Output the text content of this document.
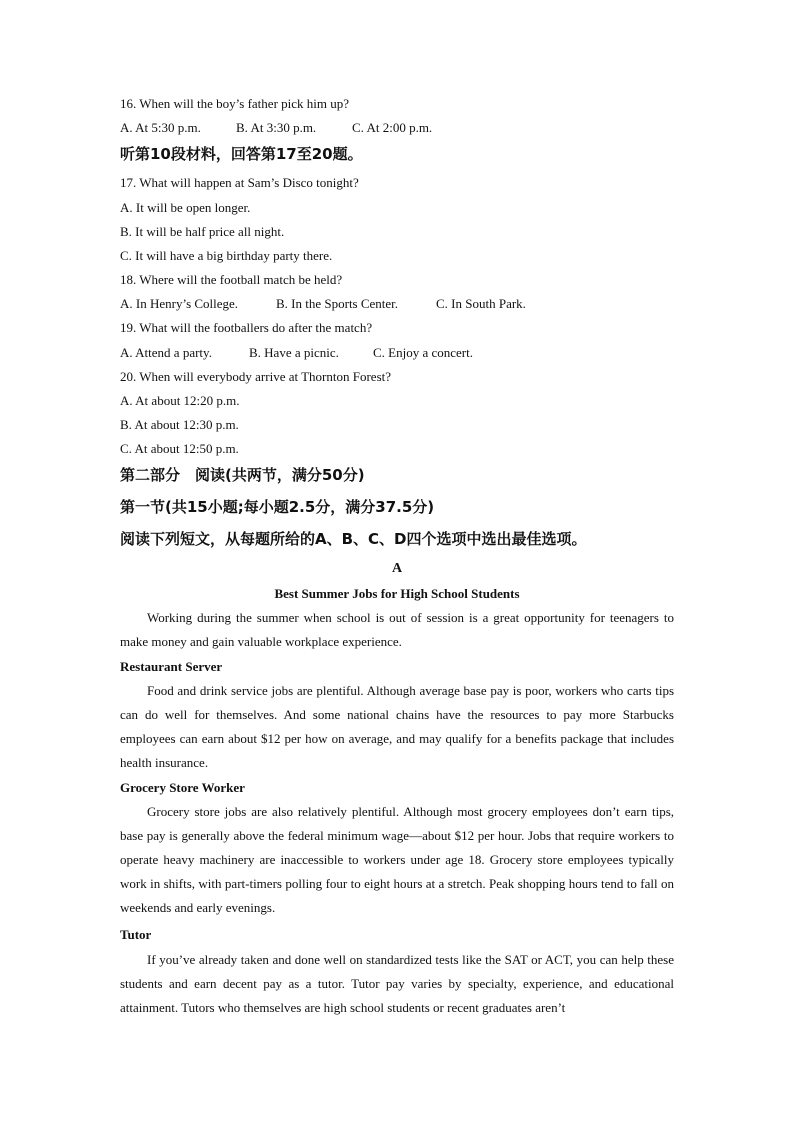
16. When will the boy’s father pick him up?
A. At 5:30 p.m.	B. At 3:30 p.m.	C. At 2:00 p.m.
听第10段材料，回答第17至20题。
17. What will happen at Sam’s Disco tonight?
A. It will be open longer.
B. It will be half price all night.
C. It will have a big birthday party there.
18. Where will the football match be held?
A. In Henry’s College.	B. In the Sports Center.	C. In South Park.
19. What will the footballers do after the match?
A. Attend a party.	B. Have a picnic.	C. Enjoy a concert.
20. When will everybody arrive at Thornton Forest?
A. At about 12:20 p.m.
B. At about 12:30 p.m.
C. At about 12:50 p.m.
第二部分　阅读(共两节，满分50分)
第一节(共15小题;每小题2.5分，满分37.5分)
阅读下列短文，从每题所给的A、B、C、D四个选项中选出最佳选项。
A
Best Summer Jobs for High School Students

Working during the summer when school is out of session is a great opportunity for teenagers to make money and gain valuable workplace experience.

Restaurant Server

Food and drink service jobs are plentiful. Although average base pay is poor, workers who carts tips can do well for themselves. And some national chains have the resources to pay more Starbucks employees can earn about $12 per how on average, and may qualify for a benefits package that includes health insurance.

Grocery Store Worker

Grocery store jobs are also relatively plentiful. Although most grocery employees don’t earn tips, base pay is generally above the federal minimum wage—about $12 per hour. Jobs that require workers to operate heavy machinery are inaccessible to workers under age 18. Grocery store employees typically work in shifts, with part-timers polling four to eight hours at a stretch. Peak shopping hours tend to fall on weekends and early evenings.

Tutor

If you’ve already taken and done well on standardized tests like the SAT or ACT, you can help these students and earn decent pay as a tutor. Tutor pay varies by specialty, experience, and educational attainment. Tutors who themselves are high school students or recent graduates aren’t
